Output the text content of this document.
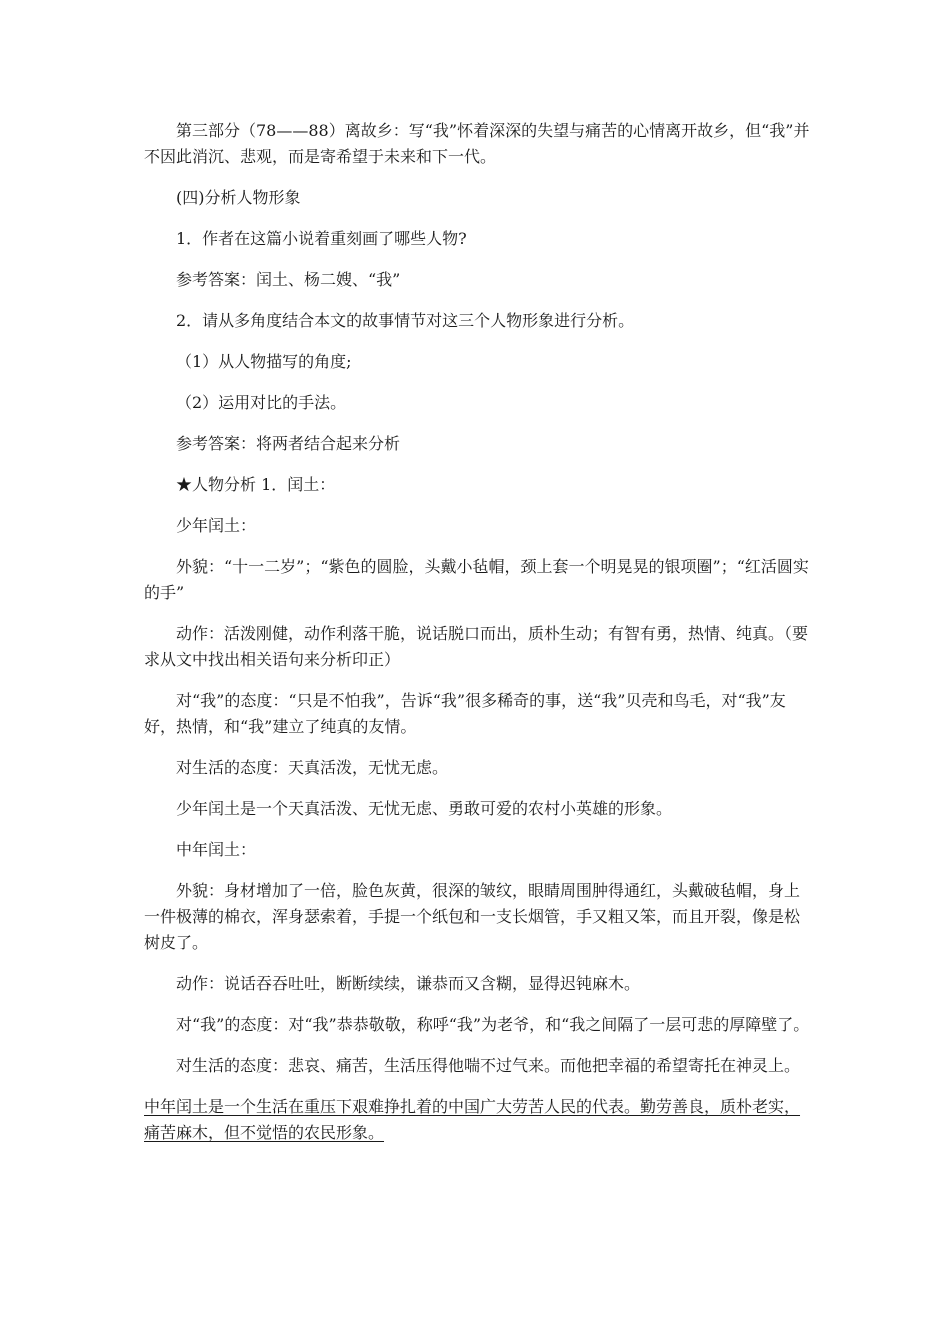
第三部分（78——88）离故乡：写“我”怀着深深的失望与痛苦的心情离开故乡，但“我”并不因此消沉、悲观，而是寄希望于未来和下一代。

(四)分析人物形象

1．作者在这篇小说着重刻画了哪些人物?

参考答案：闰土、杨二嫂、“我”

2．请从多角度结合本文的故事情节对这三个人物形象进行分析。

（1）从人物描写的角度;

（2）运用对比的手法。

参考答案：将两者结合起来分析

★人物分析 1．闰土：

少年闰土：

外貌：“十一二岁”；“紫色的圆脸，头戴小毡帽，颈上套一个明晃晃的银项圈”；“红活圆实的手”

动作：活泼刚健，动作利落干脆，说话脱口而出，质朴生动；有智有勇，热情、纯真。（要求从文中找出相关语句来分析印正）

对“我”的态度：“只是不怕我”，告诉“我”很多稀奇的事，送“我”贝壳和鸟毛，对“我”友好，热情，和“我”建立了纯真的友情。

对生活的态度：天真活泼，无忧无虑。

少年闰土是一个天真活泼、无忧无虑、勇敢可爱的农村小英雄的形象。

中年闰土：

外貌：身材增加了一倍，脸色灰黄，很深的皱纹，眼睛周围肿得通红，头戴破毡帽，身上一件极薄的棉衣，浑身瑟索着，手提一个纸包和一支长烟管，手又粗又笨，而且开裂，像是松树皮了。

动作：说话吞吞吐吐，断断续续，谦恭而又含糊，显得迟钝麻木。

对“我”的态度：对“我”恭恭敬敬，称呼“我”为老爷，和“我之间隔了一层可悲的厚障壁了。

对生活的态度：悲哀、痛苦，生活压得他喘不过气来。而他把幸福的希望寄托在神灵上。

中年闰土是一个生活在重压下艰难挣扎着的中国广大劳苦人民的代表。勤劳善良，质朴老实，痛苦麻木，但不觉悟的农民形象。
